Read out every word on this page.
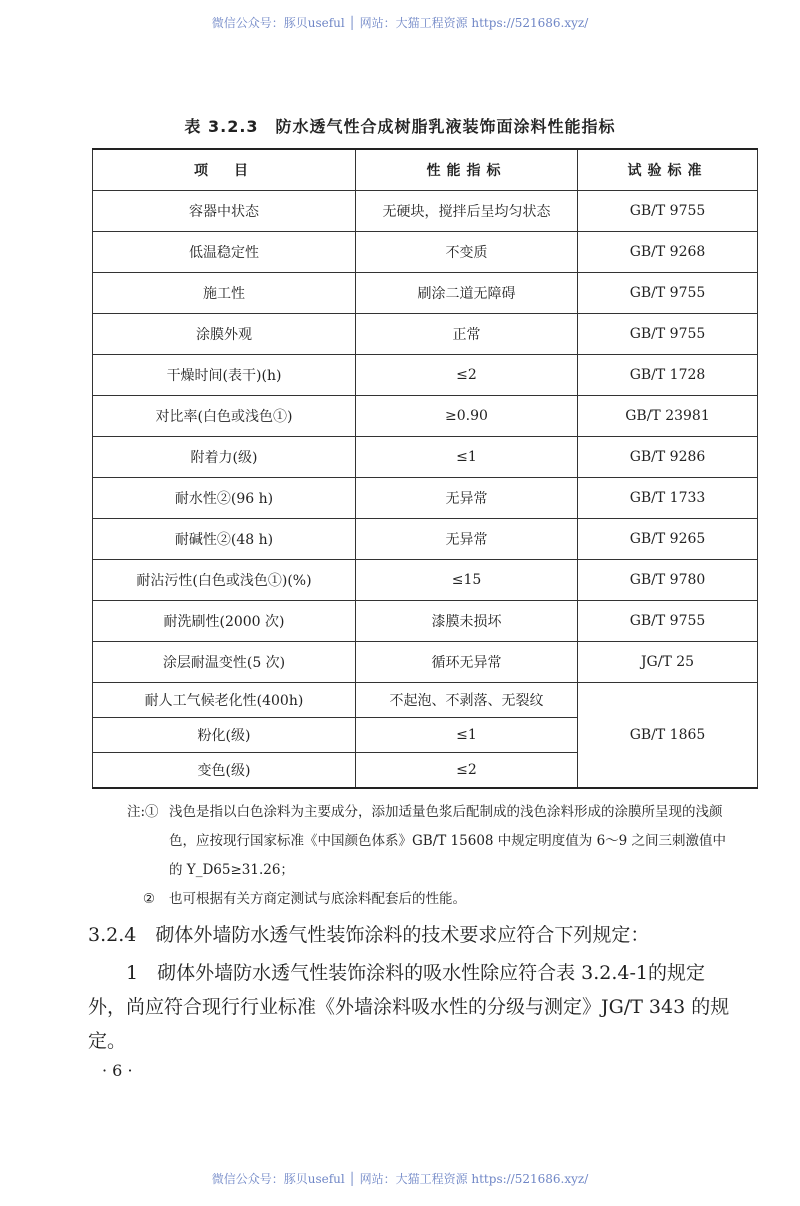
微信公众号：豚贝useful │ 网站：大猫工程资源 https://521686.xyz/
表 3.2.3　防水透气性合成树脂乳液装饰面涂料性能指标
项　目	性能指标	试验标准
容器中状态	无硬块，搅拌后呈均匀状态	GB/T 9755
低温稳定性	不变质	GB/T 9268
施工性	刷涂二道无障碍	GB/T 9755
涂膜外观	正常	GB/T 9755
干燥时间(表干)(h)	≤2	GB/T 1728
对比率(白色或浅色①)	≥0.90	GB/T 23981
附着力(级)	≤1	GB/T 9286
耐水性②(96 h)	无异常	GB/T 1733
耐碱性②(48 h)	无异常	GB/T 9265
耐沾污性(白色或浅色①)(%)	≤15	GB/T 9780
耐洗刷性(2000 次)	漆膜未损坏	GB/T 9755
涂层耐温变性(5 次)	循环无异常	JG/T 25
耐人工气候老化性(400h)	不起泡、不剥落、无裂纹	GB/T 1865
粉化(级)	≤1	
变色(级)	≤2	
注:① 浅色是指以白色涂料为主要成分，添加适量色浆后配制成的浅色涂料形成的涂膜所呈现的浅颜色，应按现行国家标准《中国颜色体系》GB/T 15608 中规定明度值为 6～9 之间三刺激值中的 Y_D65≥31.26；
②	也可根据有关方商定测试与底涂料配套后的性能。
3.2.4　砌体外墙防水透气性装饰涂料的技术要求应符合下列规定：
1　砌体外墙防水透气性装饰涂料的吸水性除应符合表 3.2.4-1的规定外，尚应符合现行行业标准《外墙涂料吸水性的分级与测定》JG/T 343 的规定。
· 6 ·
微信公众号：豚贝useful │ 网站：大猫工程资源 https://521686.xyz/
